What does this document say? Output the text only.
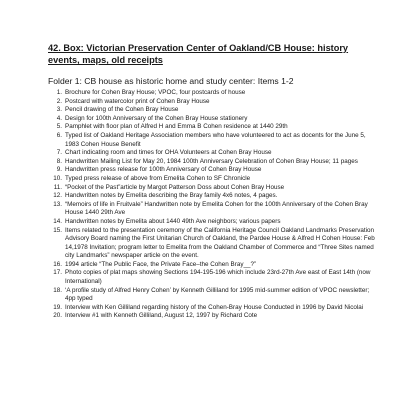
42. Box: Victorian Preservation Center of Oakland/CB House: history events, maps, old receipts

Folder 1: CB house as historic home and study center: Items 1-2
1. Brochure for Cohen Bray House; VPOC, four postcards of house
2. Postcard with watercolor print of Cohen Bray House
3. Pencil drawing of the Cohen Bray House
4. Design for 100th Anniversary of the Cohen Bray House stationery
5. Pamphlet with floor plan of Alfred H and Emma B Cohen residence at 1440 29th
6. Typed list of Oakland Heritage Association members who have volunteered to act as docents for the June 5, 1983 Cohen House Benefit
7. Chart indicating room and times for OHA Volunteers at Cohen Bray House
8. Handwritten Mailing List for May 20, 1984 100th Anniversary Celebration of Cohen Bray House; 11 pages
9. Handwritten press release for 100th Anniversary of Cohen Bray House
10. Typed press release of above from Emelita Cohen to SF Chronicle
11. “Pocket of the Past”article by Margot Patterson Doss about Cohen Bray House
12. Handwritten notes by Emelita describing the Bray family 4x6 notes, 4 pages.
13. “Memoirs of life in Fruitvale” Handwritten note by Emelita Cohen for the 100th Anniversary of the Cohen Bray House 1440 29th Ave
14. Handwritten notes by Emelita about 1440 49th Ave neighbors; various papers
15. Items related to the presentation ceremony of the California Heritage Council Oakland Landmarks Preservation Advisory Board naming the First Unitarian Church of Oakland, the Pardee House & Alfred H Cohen House: Feb 14,1978 Invitation; program letter to Emelita from the Oakland Chamber of Commerce and “Three Sites named city Landmarks” newspaper article on the event.
16. 1994 article “The Public Face, the Private Face–the Cohen Bray__?”
17. Photo copies of plat maps showing Sections 194-195-196 which include 23rd-27th Ave east of East 14th (now International)
18. ‘A profile study of Alfred Henry Cohen’ by Kenneth Gilliland for 1995 mid-summer edition of VPOC newsletter; 4pp typed
19. Interview with Ken Gilliland regarding history of the Cohen-Bray House Conducted in 1996 by David Nicolai
20. Interview #1 with Kenneth Gilliland, August 12, 1997 by Richard Cote
